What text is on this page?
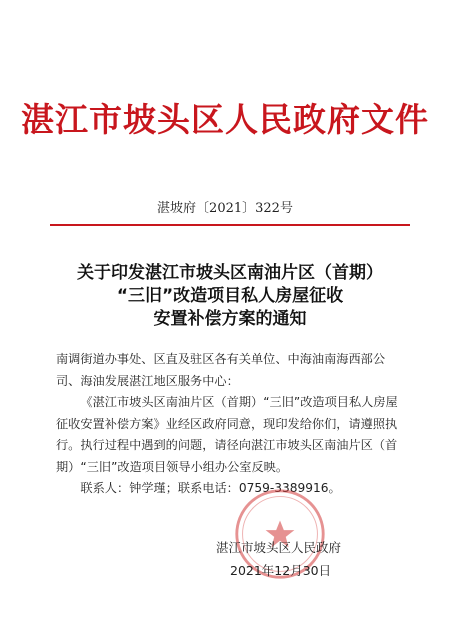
湛江市坡头区人民政府文件
湛坡府〔2021〕322号
关于印发湛江市坡头区南油片区（首期）
“三旧”改造项目私人房屋征收
安置补偿方案的通知

南调街道办事处、区直及驻区各有关单位、中海油南海西部公司、海油发展湛江地区服务中心：

《湛江市坡头区南油片区（首期）“三旧”改造项目私人房屋征收安置补偿方案》业经区政府同意，现印发给你们，请遵照执行。执行过程中遇到的问题，请径向湛江市坡头区南油片区（首期）“三旧”改造项目领导小组办公室反映。

联系人：钟学瑾；联系电话：0759-3389916。

湛江市坡头区人民政府
2021年12月30日
